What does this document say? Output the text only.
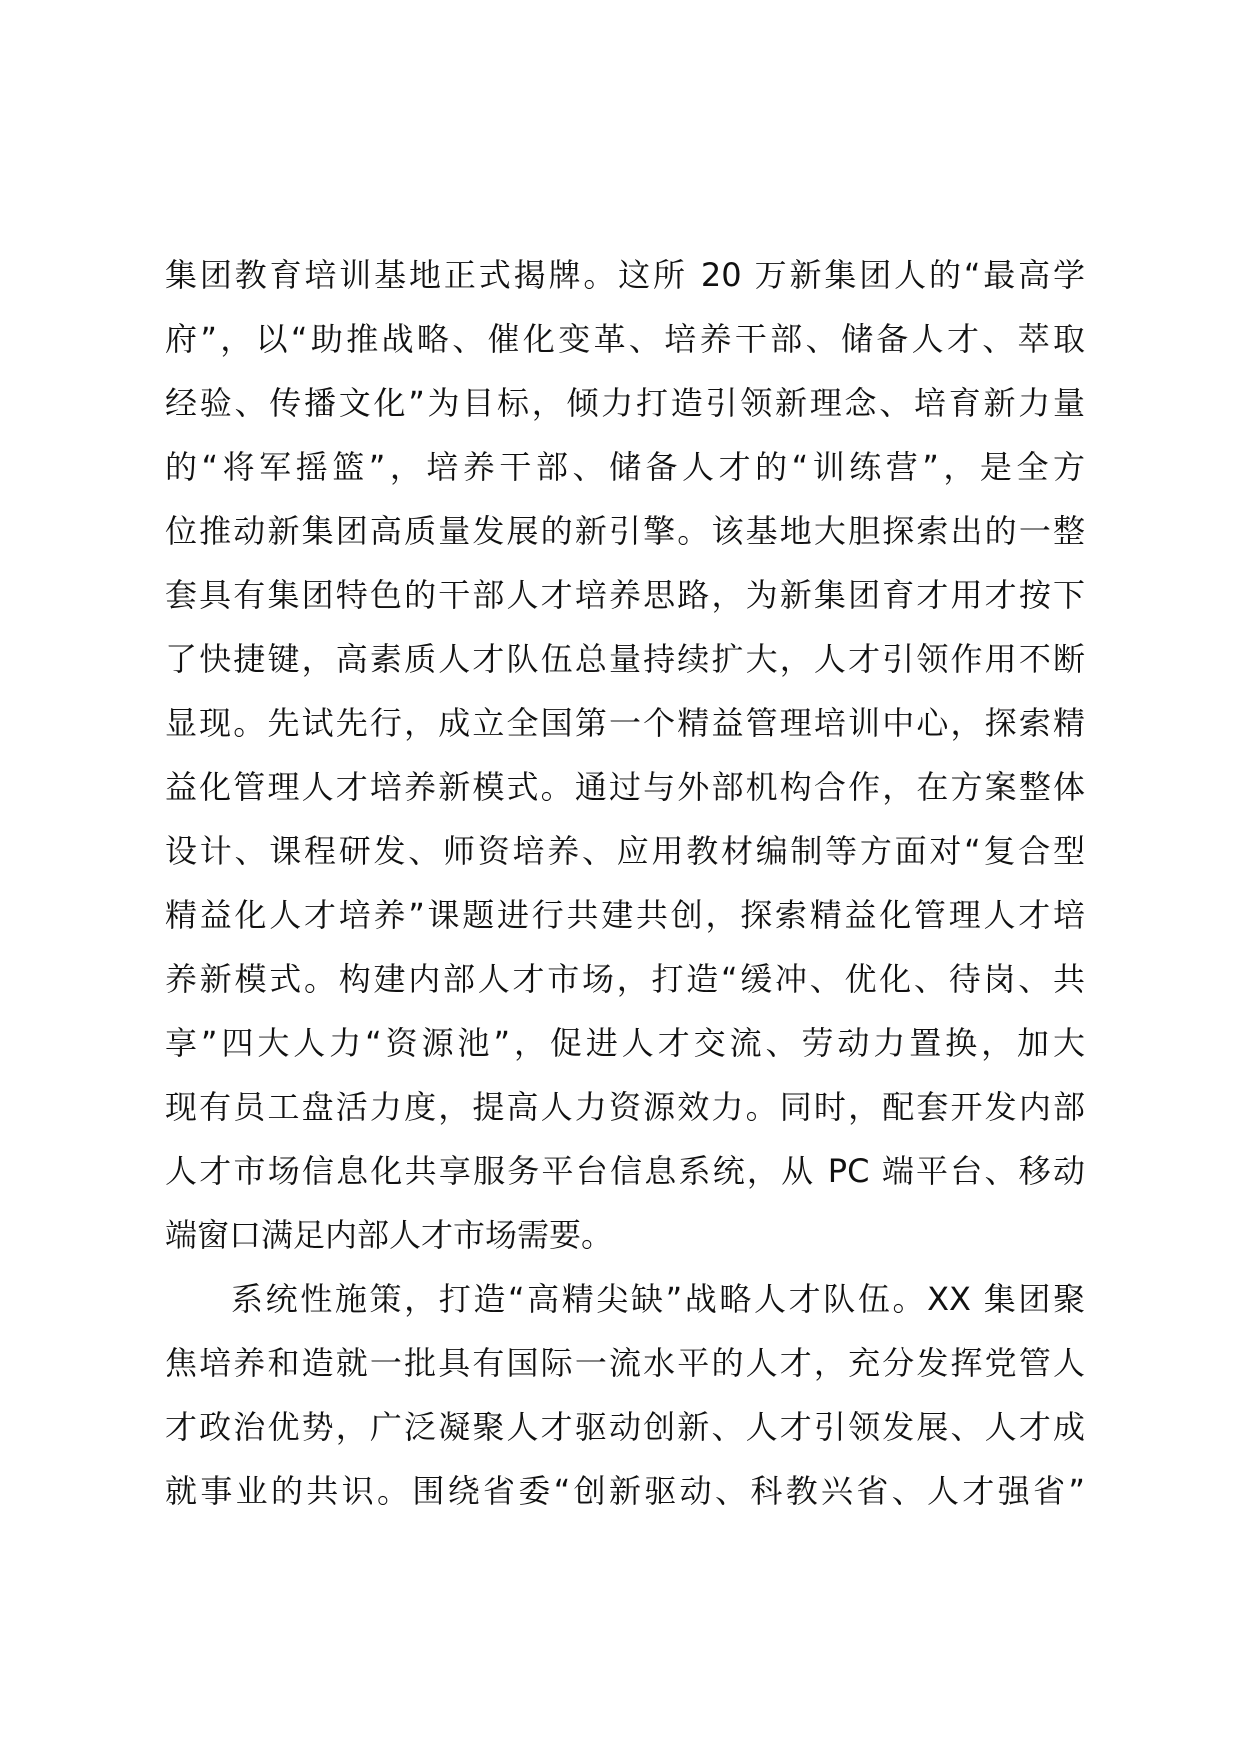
集团教育培训基地正式揭牌。这所 20 万新集团人的“最高学
府”，以“助推战略、催化变革、培养干部、储备人才、萃取
经验、传播文化”为目标，倾力打造引领新理念、培育新力量
的“将军摇篮”，培养干部、储备人才的“训练营”，是全方
位推动新集团高质量发展的新引擎。该基地大胆探索出的一整
套具有集团特色的干部人才培养思路，为新集团育才用才按下
了快捷键，高素质人才队伍总量持续扩大，人才引领作用不断
显现。先试先行，成立全国第一个精益管理培训中心，探索精
益化管理人才培养新模式。通过与外部机构合作，在方案整体
设计、课程研发、师资培养、应用教材编制等方面对“复合型
精益化人才培养”课题进行共建共创，探索精益化管理人才培
养新模式。构建内部人才市场，打造“缓冲、优化、待岗、共
享”四大人力“资源池”，促进人才交流、劳动力置换，加大
现有员工盘活力度，提高人力资源效力。同时，配套开发内部
人才市场信息化共享服务平台信息系统，从 PC 端平台、移动
端窗口满足内部人才市场需要。
系统性施策，打造“高精尖缺”战略人才队伍。XX 集团聚
焦培养和造就一批具有国际一流水平的人才，充分发挥党管人
才政治优势，广泛凝聚人才驱动创新、人才引领发展、人才成
就事业的共识。围绕省委“创新驱动、科教兴省、人才强省”
